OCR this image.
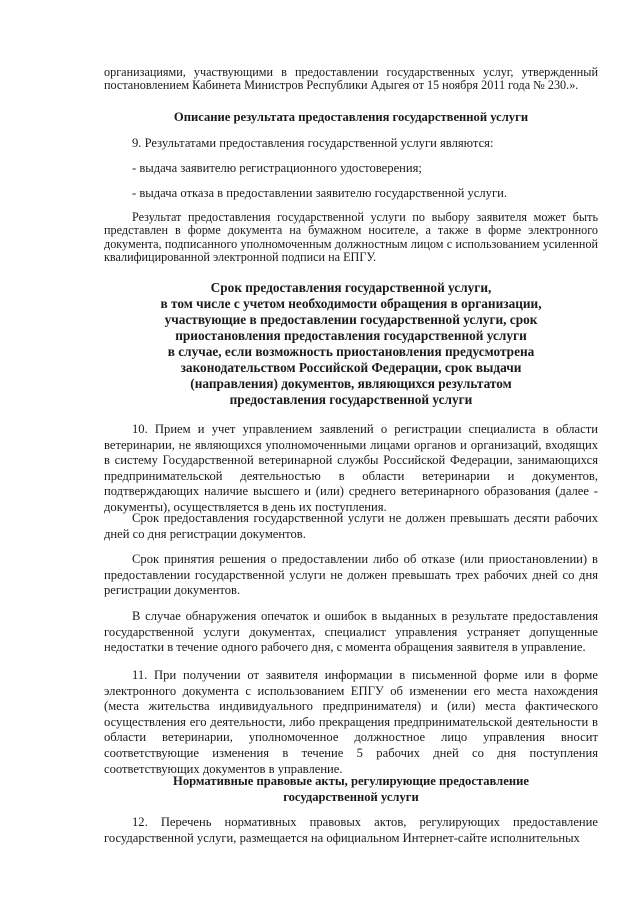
организациями, участвующими в предоставлении государственных услуг, утвержденный постановлением Кабинета Министров Республики Адыгея от 15 ноября 2011 года № 230.».
Описание результата предоставления государственной услуги
9. Результатами предоставления государственной услуги являются:
- выдача заявителю регистрационного удостоверения;
- выдача отказа в предоставлении заявителю государственной услуги.
Результат предоставления государственной услуги по выбору заявителя может быть представлен в форме документа на бумажном носителе, а также в форме электронного документа, подписанного уполномоченным должностным лицом с использованием усиленной квалифицированной электронной подписи на ЕПГУ.
Срок предоставления государственной услуги,
в том числе с учетом необходимости обращения в организации,
участвующие в предоставлении государственной услуги, срок
приостановления предоставления государственной услуги
в случае, если возможность приостановления предусмотрена
законодательством Российской Федерации, срок выдачи
(направления) документов, являющихся результатом
предоставления государственной услуги
10. Прием и учет управлением заявлений о регистрации специалиста в области ветеринарии, не являющихся уполномоченными лицами органов и организаций, входящих в систему Государственной ветеринарной службы Российской Федерации, занимающихся предпринимательской деятельностью в области ветеринарии и документов, подтверждающих наличие высшего и (или) среднего ветеринарного образования (далее - документы), осуществляется в день их поступления.
Срок предоставления государственной услуги не должен превышать десяти рабочих дней со дня регистрации документов.
Срок принятия решения о предоставлении либо об отказе (или приостановлении) в предоставлении государственной услуги не должен превышать трех рабочих дней со дня регистрации документов.
В случае обнаружения опечаток и ошибок в выданных в результате предоставления государственной услуги документах, специалист управления устраняет допущенные недостатки в течение одного рабочего дня, с момента обращения заявителя в управление.
11. При получении от заявителя информации в письменной форме или в форме электронного документа с использованием ЕПГУ об изменении его места нахождения (места жительства индивидуального предпринимателя) и (или) места фактического осуществления его деятельности, либо прекращения предпринимательской деятельности в области ветеринарии, уполномоченное должностное лицо управления вносит соответствующие изменения в течение 5 рабочих дней со дня поступления соответствующих документов в управление.
Нормативные правовые акты, регулирующие предоставление
государственной услуги
12. Перечень нормативных правовых актов, регулирующих предоставление государственной услуги, размещается на официальном Интернет-сайте исполнительных
